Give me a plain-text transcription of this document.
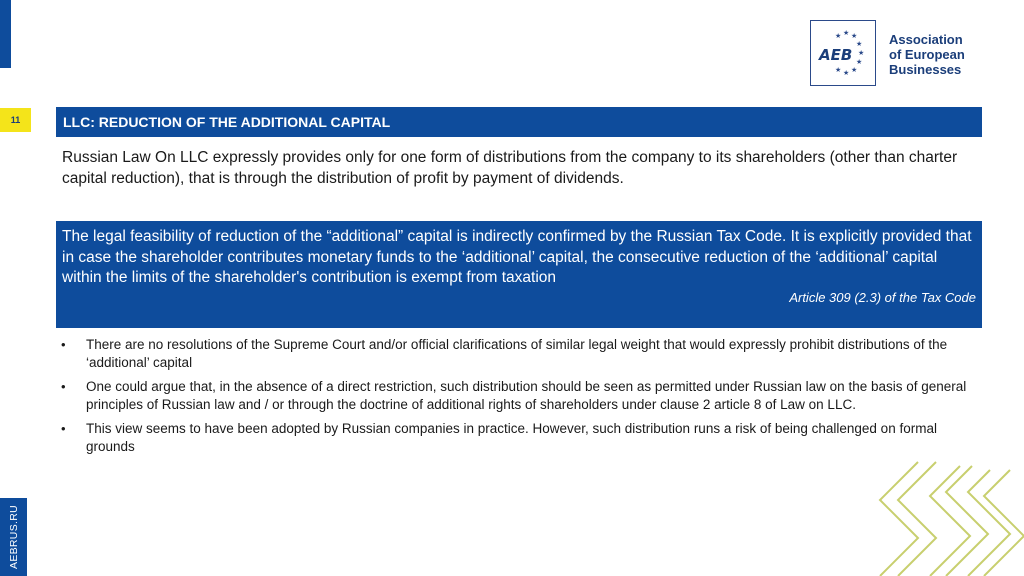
11
★ ★ ★
★
★
★
★
★
★
AEB
Association
of European
Businesses
LLC: REDUCTION OF THE ADDITIONAL CAPITAL
Russian Law On LLC expressly provides only for one form of distributions from the company to its shareholders (other than charter capital reduction), that is through the distribution of profit by payment of dividends.
The legal feasibility of reduction of the “additional” capital is indirectly confirmed by the Russian Tax Code. It is explicitly provided that in case the shareholder contributes monetary funds to the ‘additional’ capital, the consecutive reduction of the ‘additional’ capital within the limits of the shareholder's contribution is exempt from taxation
Article 309 (2.3) of the Tax Code
• There are no resolutions of the Supreme Court and/or official clarifications of similar legal weight that would expressly prohibit distributions of the ‘additional’ capital
• One could argue that, in the absence of a direct restriction, such distribution should be seen as permitted under Russian law on the basis of general principles of Russian law and / or through the doctrine of additional rights of shareholders under clause 2 article 8 of Law on LLC.
• This view seems to have been adopted by Russian companies in practice. However, such distribution runs a risk of being challenged on formal grounds
AEBRUS.RU
